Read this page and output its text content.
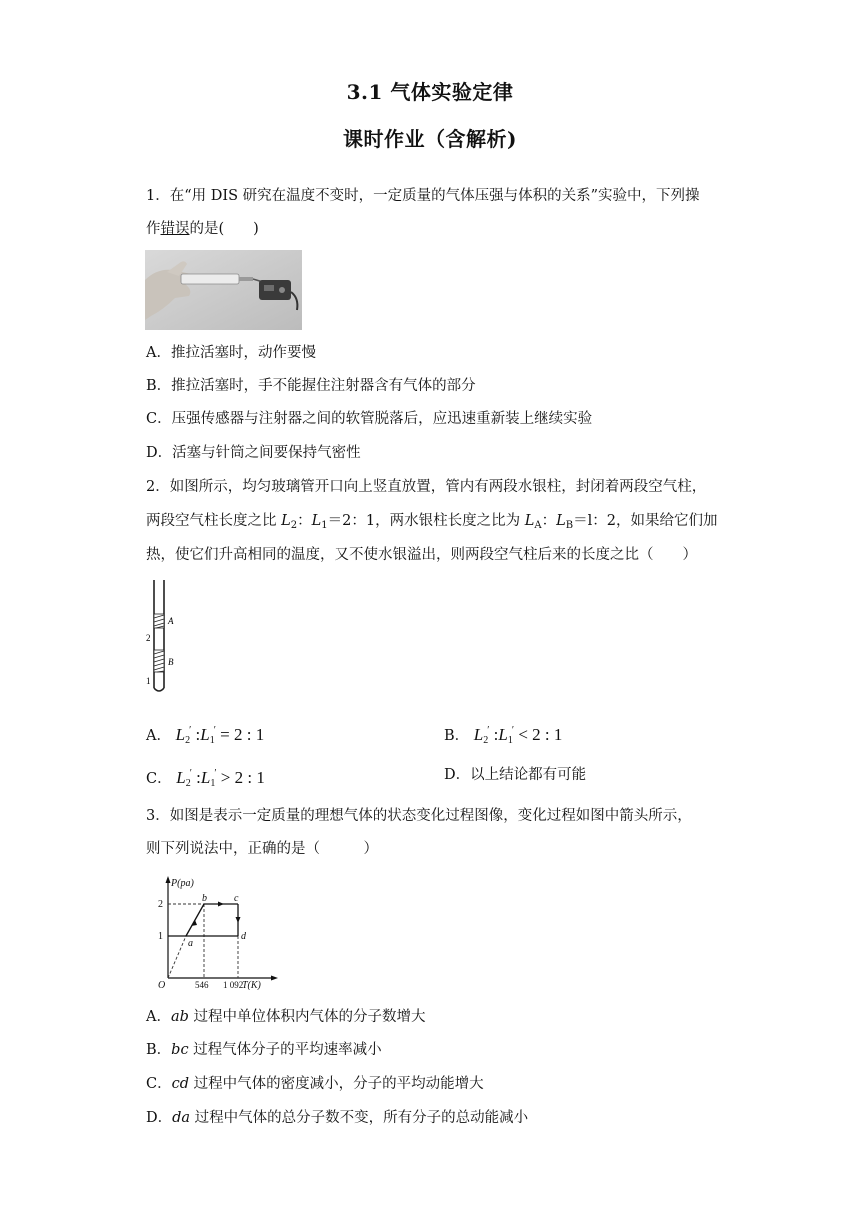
3.1 气体实验定律
课时作业（含解析)
1．在“用 DIS 研究在温度不变时，一定质量的气体压强与体积的关系”实验中，下列操
作错误的是(　　)
A．推拉活塞时，动作要慢
B．推拉活塞时，手不能握住注射器含有气体的部分
C．压强传感器与注射器之间的软管脱落后，应迅速重新装上继续实验
D．活塞与针筒之间要保持气密性
2．如图所示，均匀玻璃管开口向上竖直放置，管内有两段水银柱，封闭着两段空气柱，
两段空气柱长度之比 $L_2$：$L_1=2$：1，两水银柱长度之比为 $L_A$：$L_B=l$：2，如果给它们加
热，使它们升高相同的温度，又不使水银溢出，则两段空气柱后来的长度之比（　　）
A
B
2
1
A． $L_2'$ $:L_1' = 2$ : 1	B． $L_2'$ $:L_1' < 2$ : 1
C． $L_2'$ $:L_1' > 2$ : 1	D．以上结论都有可能
3．如图是表示一定质量的理想气体的状态变化过程图像，变化过程如图中箭头所示，
则下列说法中，正确的是（　　　）
P(pa)
T(K)
2
1
546 1 092
O
a
b	c
d
A．ab 过程中单位体积内气体的分子数增大
B．bc 过程气体分子的平均速率减小
C．cd 过程中气体的密度减小，分子的平均动能增大
D．da 过程中气体的总分子数不变，所有分子的总动能减小
